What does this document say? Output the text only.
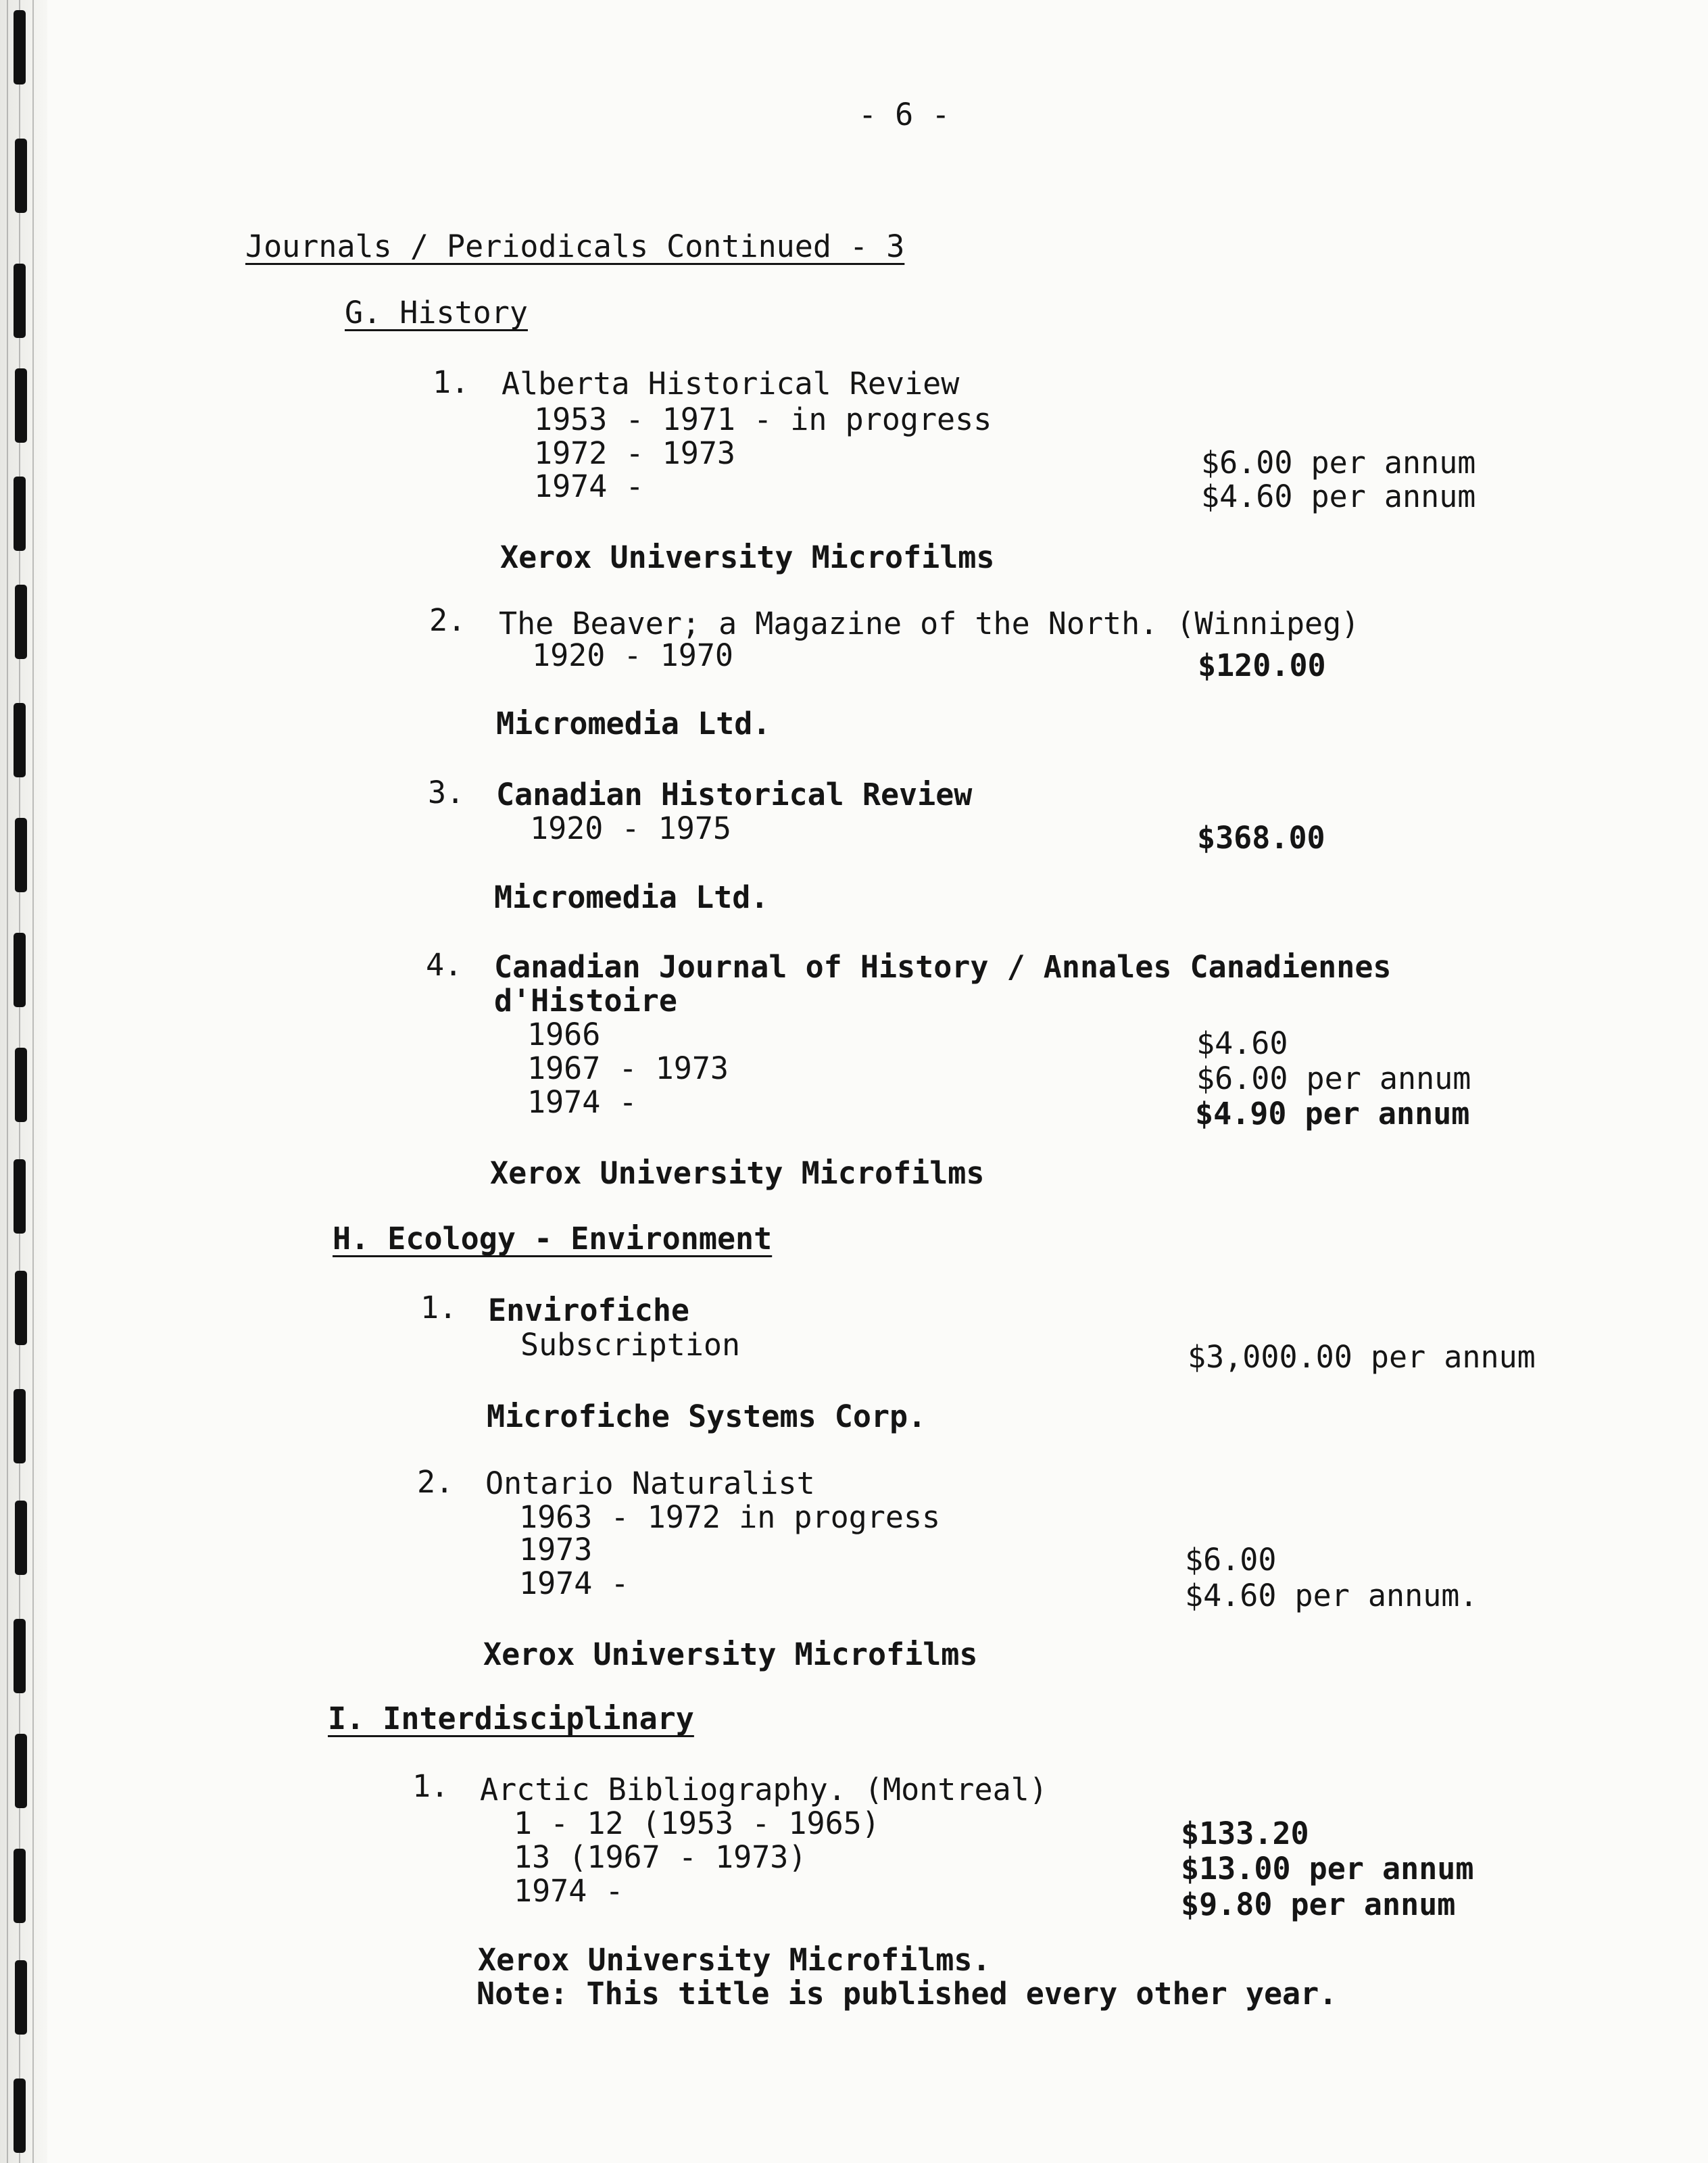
- 6 -
Journals / Periodicals Continued - 3
G. History
1. Alberta Historical Review
1953 - 1971 - in progress
1972 - 1973	$6.00 per annum
1974 -	$4.60 per annum
Xerox University Microfilms
2. The Beaver; a Magazine of the North. (Winnipeg)
1920 - 1970	$120.00
Micromedia Ltd.
3. Canadian Historical Review
1920 - 1975	$368.00
Micromedia Ltd.
4. Canadian Journal of History / Annales Canadiennes
d'Histoire
1966	$4.60
1967 - 1973	$6.00 per annum
1974 -	$4.90 per annum
Xerox University Microfilms
H. Ecology - Environment
1. Envirofiche
Subscription	$3,000.00 per annum
Microfiche Systems Corp.
2. Ontario Naturalist
1963 - 1972 in progress
1973	$6.00
1974 -	$4.60 per annum.
Xerox University Microfilms
I. Interdisciplinary
1. Arctic Bibliography. (Montreal)
1 - 12 (1953 - 1965)	$133.20
13 (1967 - 1973)	$13.00 per annum
1974 -	$9.80 per annum
Xerox University Microfilms.
Note: This title is published every other year.
